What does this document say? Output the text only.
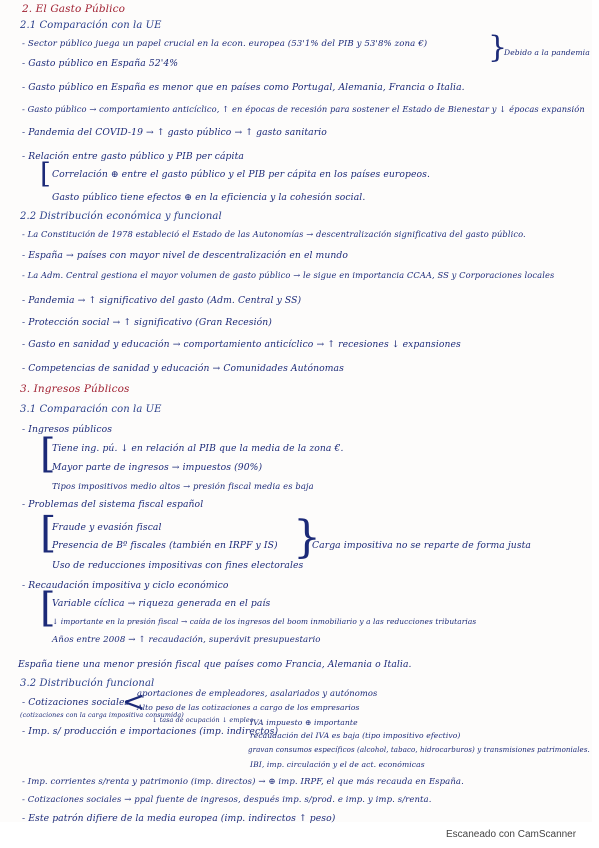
2. El Gasto Público
2.1 Comparación con la UE
- Sector público juega un papel crucial en la econ. europea (53'1% del PIB y 53'8% zona €) }
Debido a la pandemia
- Gasto público en España 52'4%
- Gasto público en España es menor que en países como Portugal, Alemania, Francia o Italia.
- Gasto público → comportamiento anticíclico, ↑ en épocas de recesión para sostener el Estado de Bienestar y ↓ épocas expansión
- Pandemia del COVID-19 → ↑ gasto público → ↑ gasto sanitario
- Relación entre gasto público y PIB per cápita
[ Correlación ⊕ entre el gasto público y el PIB per cápita en los países europeos.
Gasto público tiene efectos ⊕ en la eficiencia y la cohesión social.
2.2 Distribución económica y funcional
- La Constitución de 1978 estableció el Estado de las Autonomías → descentralización significativa del gasto público.
- España → países con mayor nivel de descentralización en el mundo
- La Adm. Central gestiona el mayor volumen de gasto público → le sigue en importancia CCAA, SS y Corporaciones locales
- Pandemia → ↑ significativo del gasto (Adm. Central y SS)
- Protección social → ↑ significativo (Gran Recesión)
- Gasto en sanidad y educación → comportamiento anticíclico → ↑ recesiones ↓ expansiones
- Competencias de sanidad y educación → Comunidades Autónomas
3. Ingresos Públicos
3.1 Comparación con la UE
- Ingresos públicos
[
Tiene ing. pú. ↓ en relación al PIB que la media de la zona €.
Mayor parte de ingresos → impuestos (90%)
Tipos impositivos medio altos → presión fiscal media es baja
- Problemas del sistema fiscal español
[
Fraude y evasión fiscal
Presencia de Bº fiscales (también en IRPF y IS)
Uso de reducciones impositivas con fines electorales
}
Carga impositiva no se reparte de forma justa
- Recaudación impositiva y ciclo económico
[
Variable cíclica → riqueza generada en el país
↓ importante en la presión fiscal → caída de los ingresos del boom inmobiliario y a las reducciones tributarias
Años entre 2008 → ↑ recaudación, superávit presupuestario
España tiene una menor presión fiscal que países como Francia, Alemania o Italia.
3.2 Distribución funcional
- Cotizaciones sociales
<
aportaciones de empleadores, asalariados y autónomos
Alto peso de las cotizaciones a cargo de los empresarios
(cotizaciones con la carga impositiva consumida)
↓ tasa de ocupación ↓ empleo
- Imp. s/ producción e importaciones (imp. indirectos)
IVA impuesto ⊕ importante
recaudación del IVA es baja (tipo impositivo efectivo)
gravan consumos específicos (alcohol, tabaco, hidrocarburos) y transmisiones patrimoniales.
IBI, imp. circulación y el de act. económicas
- Imp. corrientes s/renta y patrimonio (imp. directos) → ⊕ imp. IRPF, el que más recauda en España.
- Cotizaciones sociales → ppal fuente de ingresos, después imp. s/prod. e imp. y imp. s/renta.
- Este patrón difiere de la media europea (imp. indirectos ↑ peso)
Escaneado con CamScanner
